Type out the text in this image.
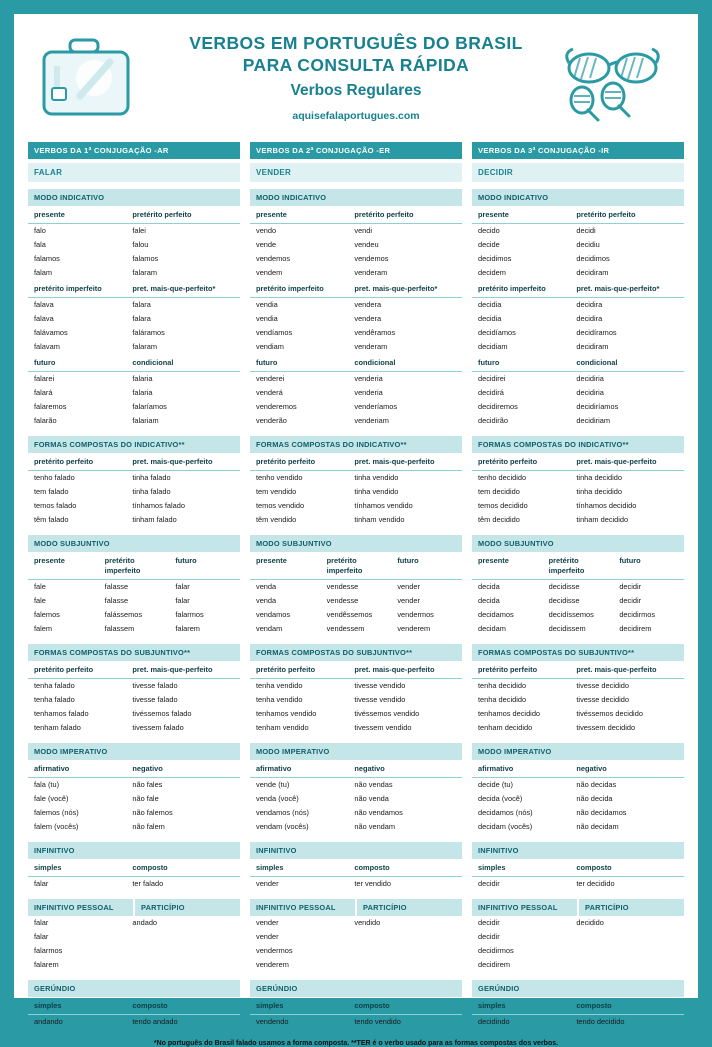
VERBOS EM PORTUGUÊS DO BRASIL
PARA CONSULTA RÁPIDA
Verbos Regulares
aquisefalaportugues.com
VERBOS DA 1ª CONJUGAÇÃO -AR
FALAR
MODO INDICATIVO
presente	pretérito perfeito
falo	falei
fala	falou
falamos	falamos
falam	falaram
pretérito imperfeito	pret. mais-que-perfeito*
falava	falara
falava	falara
falávamos	faláramos
falavam	falaram
futuro	condicional
falarei	falaria
falará	falaria
falaremos	falaríamos
falarão	falariam
FORMAS COMPOSTAS DO INDICATIVO**
pretérito perfeito	pret. mais-que-perfeito
tenho falado	tinha falado
tem falado	tinha falado
temos falado	tínhamos falado
têm falado	tinham falado
MODO SUBJUNTIVO
presente	pretérito imperfeito	futuro
fale	falasse	falar
fale	falasse	falar
falemos	falássemos	falarmos
falem	falassem	falarem
FORMAS COMPOSTAS DO SUBJUNTIVO**
pretérito perfeito	pret. mais-que-perfeito
tenha falado	tivesse falado
tenha falado	tivesse falado
tenhamos falado	tivéssemos falado
tenham falado	tivessem falado
MODO IMPERATIVO
afirmativo	negativo
fala (tu)	não fales
fale (você)	não fale
falemos (nós)	não falemos
falem (vocês)	não falem
INFINITIVO
simples	composto
falar	ter falado
INFINITIVO PESSOAL	PARTICÍPIO
falar	andado
falar	
falarmos	
falarem	
GERÚNDIO
simples	composto
andando	tendo andado
VERBOS DA 2ª CONJUGAÇÃO -ER
VENDER
MODO INDICATIVO
presente	pretérito perfeito
vendo	vendi
vende	vendeu
vendemos	vendemos
vendem	venderam
pretérito imperfeito	pret. mais-que-perfeito*
vendia	vendera
vendia	vendera
vendíamos	vendêramos
vendiam	venderam
futuro	condicional
venderei	venderia
venderá	venderia
venderemos	venderíamos
venderão	venderiam
FORMAS COMPOSTAS DO INDICATIVO**
pretérito perfeito	pret. mais-que-perfeito
tenho vendido	tinha vendido
tem vendido	tinha vendido
temos vendido	tínhamos vendido
têm vendido	tinham vendido
MODO SUBJUNTIVO
presente	pretérito imperfeito	futuro
venda	vendesse	vender
venda	vendesse	vender
vendamos	vendêssemos	vendermos
vendam	vendessem	venderem
FORMAS COMPOSTAS DO SUBJUNTIVO**
pretérito perfeito	pret. mais-que-perfeito
tenha vendido	tivesse vendido
tenha vendido	tivesse vendido
tenhamos vendido	tivéssemos vendido
tenham vendido	tivessem vendido
MODO IMPERATIVO
afirmativo	negativo
vende (tu)	não vendas
venda (você)	não venda
vendamos (nós)	não vendamos
vendam (vocês)	não vendam
INFINITIVO
simples	composto
vender	ter vendido
INFINITIVO PESSOAL	PARTICÍPIO
vender	vendido
vender	
vendermos	
venderem	
GERÚNDIO
simples	composto
vendendo	tendo vendido
VERBOS DA 3ª CONJUGAÇÃO -IR
DECIDIR
MODO INDICATIVO
presente	pretérito perfeito
decido	decidi
decide	decidiu
decidimos	decidimos
decidem	decidiram
pretérito imperfeito	pret. mais-que-perfeito*
decidia	decidira
decidia	decidira
decidíamos	decidíramos
decidiam	decidiram
futuro	condicional
decidirei	decidiria
decidirá	decidiria
decidiremos	decidiríamos
decidirão	decidiriam
FORMAS COMPOSTAS DO INDICATIVO**
pretérito perfeito	pret. mais-que-perfeito
tenho decidido	tinha decidido
tem decidido	tinha decidido
temos decidido	tínhamos decidido
têm decidido	tinham decidido
MODO SUBJUNTIVO
presente	pretérito imperfeito	futuro
decida	decidisse	decidir
decida	decidisse	decidir
decidamos	decidíssemos	decidirmos
decidam	decidissem	decidirem
FORMAS COMPOSTAS DO SUBJUNTIVO**
pretérito perfeito	pret. mais-que-perfeito
tenha decidido	tivesse decidido
tenha decidido	tivesse decidido
tenhamos decidido	tivéssemos decidido
tenham decidido	tivessem decidido
MODO IMPERATIVO
afirmativo	negativo
decide (tu)	não decidas
decida (você)	não decida
decidamos (nós)	não decidamos
decidam (vocês)	não decidam
INFINITIVO
simples	composto
decidir	ter decidido
INFINITIVO PESSOAL	PARTICÍPIO
decidir	decidido
decidir	
decidirmos	
decidirem	
GERÚNDIO
simples	composto
decidindo	tendo decidido
*No português do Brasil falado usamos a forma composta. **TER é o verbo usado para as formas compostas dos verbos.
